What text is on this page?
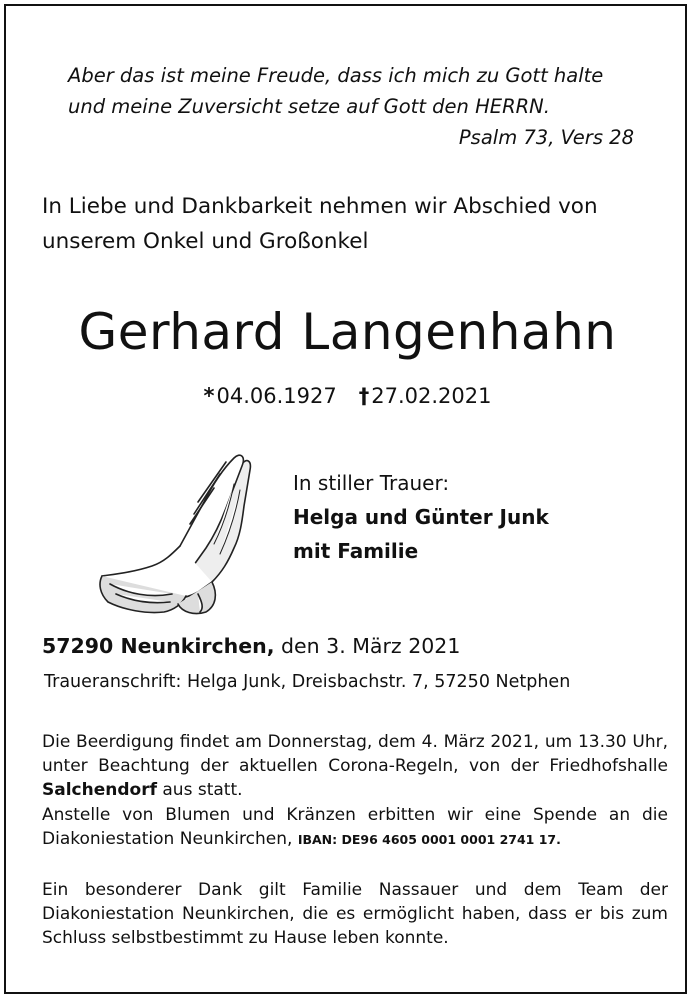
Aber das ist meine Freude, dass ich mich zu Gott halte
und meine Zuversicht setze auf Gott den HERRN.
Psalm 73, Vers 28
In Liebe und Dankbarkeit nehmen wir Abschied von
unserem Onkel und Großonkel
Gerhard Langenhahn
*04.06.1927 †27.02.2021
In stiller Trauer:
Helga und Günter Junk
mit Familie
57290 Neunkirchen, den 3. März 2021
Traueranschrift: Helga Junk, Dreisbachstr. 7, 57250 Netphen

Die Beerdigung findet am Donnerstag, dem 4. März 2021, um 13.30 Uhr, unter Beachtung der aktuellen Corona-Regeln, von der Friedhofshalle Salchendorf aus statt.

Anstelle von Blumen und Kränzen erbitten wir eine Spende an die Diakoniestation Neunkirchen, IBAN: DE96 4605 0001 0001 2741 17.

Ein besonderer Dank gilt Familie Nassauer und dem Team der Diakoniestation Neunkirchen, die es ermöglicht haben, dass er bis zum Schluss selbstbestimmt zu Hause leben konnte.
